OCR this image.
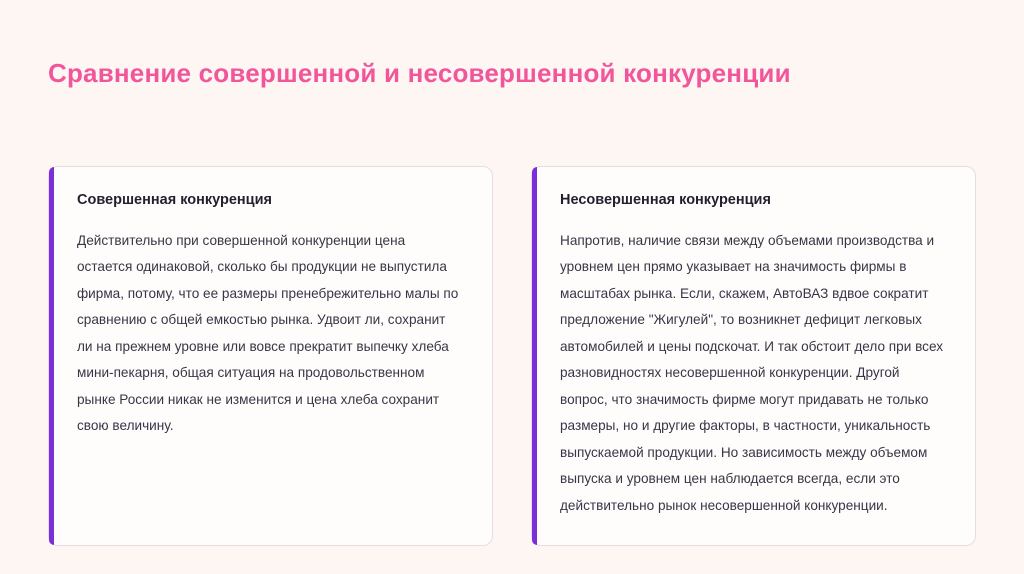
Сравнение совершенной и несовершенной конкуренции
Совершенная конкуренция

Действительно при совершенной конкуренции цена остается одинаковой, сколько бы продукции не выпустила фирма, потому, что ее размеры пренебрежительно малы по сравнению с общей емкостью рынка. Удвоит ли, сохранит ли на прежнем уровне или вовсе прекратит выпечку хлеба мини-пекарня, общая ситуация на продовольственном рынке России никак не изменится и цена хлеба сохранит свою величину.

Несовершенная конкуренция

Напротив, наличие связи между объемами производства и уровнем цен прямо указывает на значимость фирмы в масштабах рынка. Если, скажем, АвтоВАЗ вдвое сократит предложение "Жигулей", то возникнет дефицит легковых автомобилей и цены подскочат. И так обстоит дело при всех разновидностях несовершенной конкуренции. Другой вопрос, что значимость фирме могут придавать не только размеры, но и другие факторы, в частности, уникальность выпускаемой продукции. Но зависимость между объемом выпуска и уровнем цен наблюдается всегда, если это действительно рынок несовершенной конкуренции.
